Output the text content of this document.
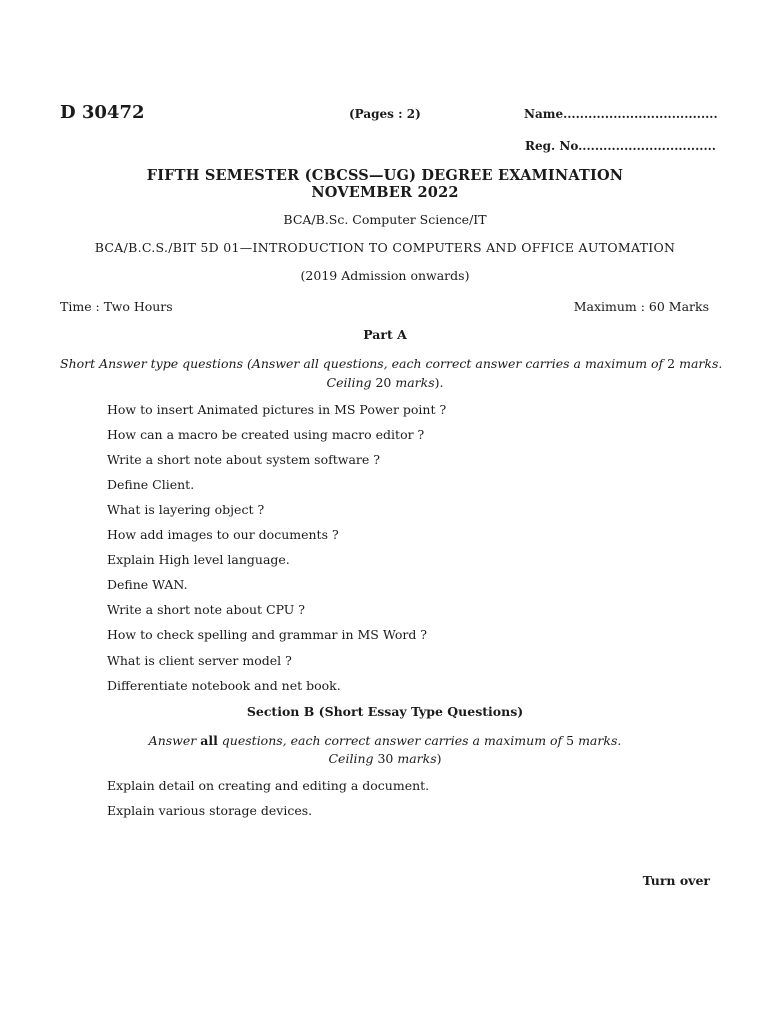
D 30472	(Pages : 2)	Name.....................................
Reg. No.................................
FIFTH SEMESTER (CBCSS—UG) DEGREE EXAMINATION
NOVEMBER 2022
BCA/B.Sc. Computer Science/IT
BCA/B.C.S./BIT 5D 01—INTRODUCTION TO COMPUTERS AND OFFICE AUTOMATION
(2019 Admission onwards)
Time : Two Hours	Maximum : 60 Marks
Part A
Short Answer type questions (Answer all questions, each correct answer carries a maximum of 2 marks.
Ceiling 20 marks).
How to insert Animated pictures in MS Power point ?
How can a macro be created using macro editor ?
Write a short note about system software ?
Define Client.
What is layering object ?
How add images to our documents ?
Explain High level language.
Define WAN.
Write a short note about CPU ?
How to check spelling and grammar in MS Word ?
What is client server model ?
Differentiate notebook and net book.
Section B (Short Essay Type Questions)
Answer all questions, each correct answer carries a maximum of 5 marks.
Ceiling 30 marks)
Explain detail on creating and editing a document.
Explain various storage devices.
Turn over
